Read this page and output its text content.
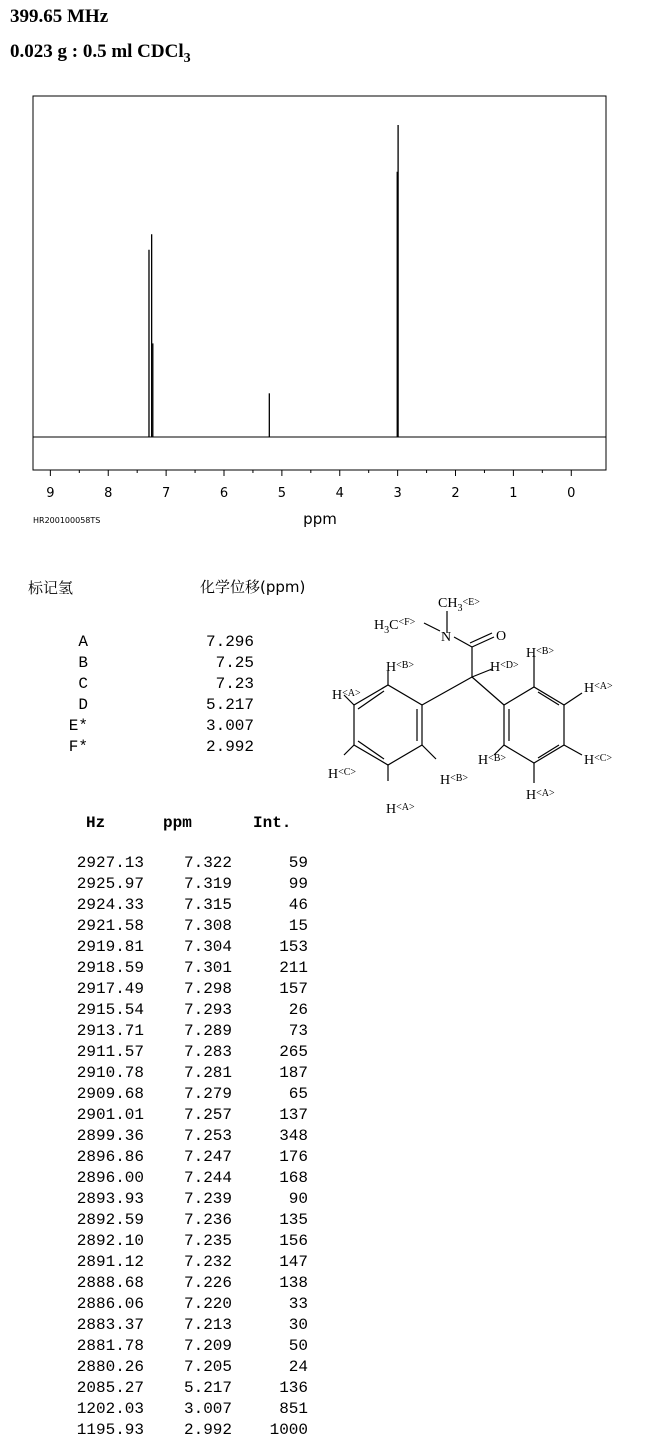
399.65 MHz
0.023 g : 0.5 ml CDCl$_3$
9	8	7	6	5	4	3	2	1	0
ppm
HR200100058TS
标记氢	化学位移(ppm)
A	7.296
B	7.25
C	7.23
D	5.217
E*	3.007
F*	2.992
$CH_3^{<E>}$
$H_3C^{<F>}$
N	O
$H^{<D>}$
$H^{<B>}$
$H^{<A>}$
$H^{<C>}$
$H^{<A>}$
$H^{<B>}$
$H^{<B>}$
$H^{<A>}$
$H^{<C>}$
$H^{<A>}$
$H^{<B>}$
Hz	ppm	Int.
2927.13	7.322	59
2925.97	7.319	99
2924.33	7.315	46
2921.58	7.308	15
2919.81	7.304	153
2918.59	7.301	211
2917.49	7.298	157
2915.54	7.293	26
2913.71	7.289	73
2911.57	7.283	265
2910.78	7.281	187
2909.68	7.279	65
2901.01	7.257	137
2899.36	7.253	348
2896.86	7.247	176
2896.00	7.244	168
2893.93	7.239	90
2892.59	7.236	135
2892.10	7.235	156
2891.12	7.232	147
2888.68	7.226	138
2886.06	7.220	33
2883.37	7.213	30
2881.78	7.209	50
2880.26	7.205	24
2085.27	5.217	136
1202.03	3.007	851
1195.93	2.992	1000
